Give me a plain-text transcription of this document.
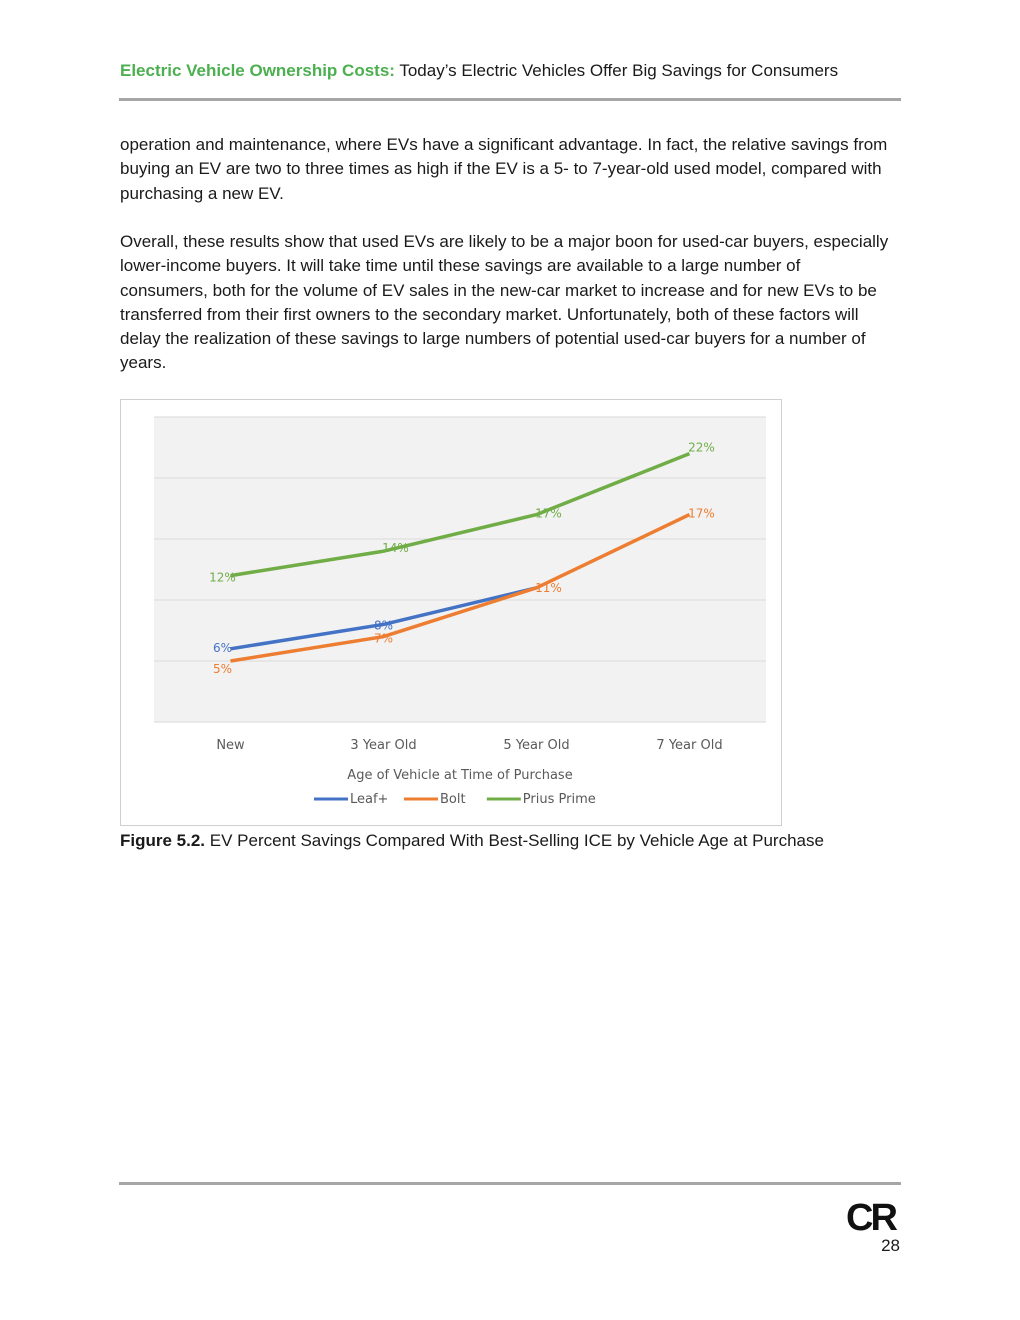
Electric Vehicle Ownership Costs: Today’s Electric Vehicles Offer Big Savings for Consumers

operation and maintenance, where EVs have a significant advantage. In fact, the relative savings from buying an EV are two to three times as high if the EV is a 5- to 7-year-old used model, compared with purchasing a new EV.

Overall, these results show that used EVs are likely to be a major boon for used-car buyers, especially lower-income buyers. It will take time until these savings are available to a large number of consumers, both for the volume of EV sales in the new-car market to increase and for new EVs to be transferred from their first owners to the secondary market. Unfortunately, both of these factors will delay the realization of these savings to large numbers of potential used-car buyers for a number of years.

New	3 Year Old	5 Year Old	7 Year Old
Age of Vehicle at Time of Purchase
6%
8%
5%
7%
11%
17%
12%
14%
17%
22%
Leaf+	Bolt	Prius Prime
Figure 5.2. EV Percent Savings Compared With Best-Selling ICE by Vehicle Age at Purchase
CR
28
